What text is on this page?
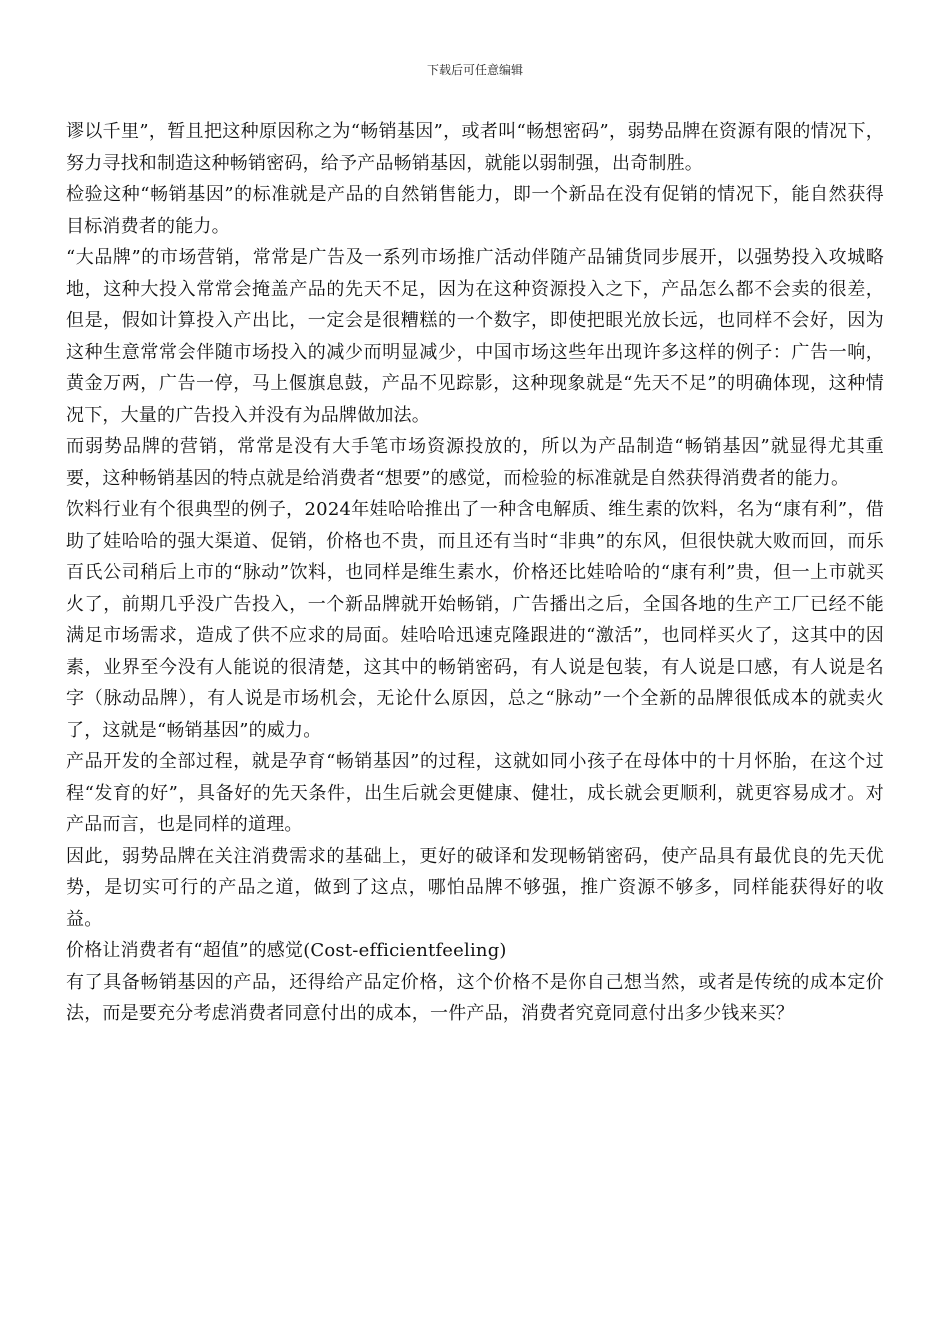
下载后可任意编辑

谬以千里”，暂且把这种原因称之为“畅销基因”，或者叫“畅想密码”，弱势品牌在资源有限的情况下，努力寻找和制造这种畅销密码，给予产品畅销基因，就能以弱制强，出奇制胜。

检验这种“畅销基因”的标准就是产品的自然销售能力，即一个新品在没有促销的情况下，能自然获得目标消费者的能力。

“大品牌”的市场营销，常常是广告及一系列市场推广活动伴随产品铺货同步展开，以强势投入攻城略地，这种大投入常常会掩盖产品的先天不足，因为在这种资源投入之下，产品怎么都不会卖的很差，但是，假如计算投入产出比，一定会是很糟糕的一个数字，即使把眼光放长远，也同样不会好，因为这种生意常常会伴随市场投入的减少而明显减少，中国市场这些年出现许多这样的例子：广告一响，黄金万两，广告一停，马上偃旗息鼓，产品不见踪影，这种现象就是“先天不足”的明确体现，这种情况下，大量的广告投入并没有为品牌做加法。

而弱势品牌的营销，常常是没有大手笔市场资源投放的，所以为产品制造“畅销基因”就显得尤其重要，这种畅销基因的特点就是给消费者“想要”的感觉，而检验的标准就是自然获得消费者的能力。

饮料行业有个很典型的例子，2024年娃哈哈推出了一种含电解质、维生素的饮料，名为“康有利”，借助了娃哈哈的强大渠道、促销，价格也不贵，而且还有当时“非典”的东风，但很快就大败而回，而乐百氏公司稍后上市的“脉动”饮料，也同样是维生素水，价格还比娃哈哈的“康有利”贵，但一上市就买火了，前期几乎没广告投入，一个新品牌就开始畅销，广告播出之后，全国各地的生产工厂已经不能满足市场需求，造成了供不应求的局面。娃哈哈迅速克隆跟进的“激活”，也同样买火了，这其中的因素，业界至今没有人能说的很清楚，这其中的畅销密码，有人说是包装，有人说是口感，有人说是名字（脉动品牌），有人说是市场机会，无论什么原因，总之“脉动”一个全新的品牌很低成本的就卖火了，这就是“畅销基因”的威力。

产品开发的全部过程，就是孕育“畅销基因”的过程，这就如同小孩子在母体中的十月怀胎，在这个过程“发育的好”，具备好的先天条件，出生后就会更健康、健壮，成长就会更顺利，就更容易成才。对产品而言，也是同样的道理。

因此，弱势品牌在关注消费需求的基础上，更好的破译和发现畅销密码，使产品具有最优良的先天优势，是切实可行的产品之道，做到了这点，哪怕品牌不够强，推广资源不够多，同样能获得好的收益。

价格让消费者有“超值”的感觉(Cost-efficientfeeling)

有了具备畅销基因的产品，还得给产品定价格，这个价格不是你自己想当然，或者是传统的成本定价法，而是要充分考虑消费者同意付出的成本，一件产品，消费者究竟同意付出多少钱来买？
